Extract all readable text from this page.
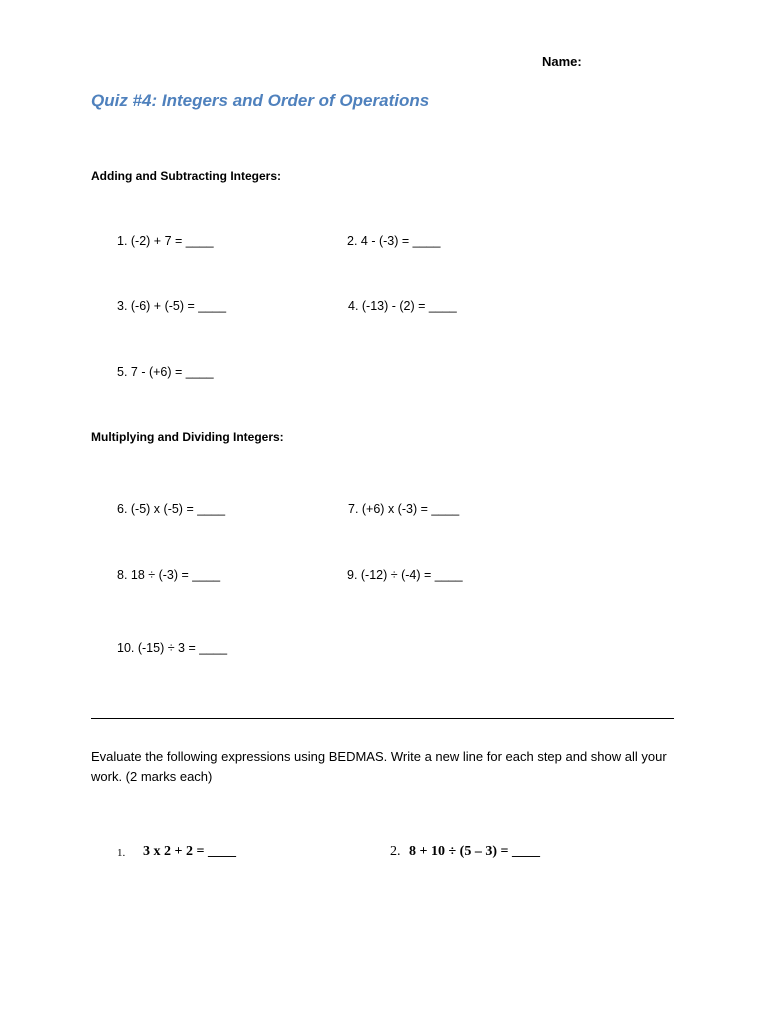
Name:
Quiz #4: Integers and Order of Operations
Adding and Subtracting Integers:
1. (-2) + 7 = ____	2. 4 - (-3) = ____
3. (-6) + (-5) = ____	4. (-13) - (2) = ____
5. 7 - (+6) = ____
Multiplying and Dividing Integers:
6. (-5) x (-5) = ____	7. (+6) x (-3) = ____
8. 18 ÷ (-3) = ____	9. (-12) ÷ (-4) = ____
10. (-15) ÷ 3 = ____
Evaluate the following expressions using BEDMAS. Write a new line for each step and show all your work. (2 marks each)
1. 3 x 2 + 2 = ____	2. 8 + 10 ÷ (5 – 3) = ____
